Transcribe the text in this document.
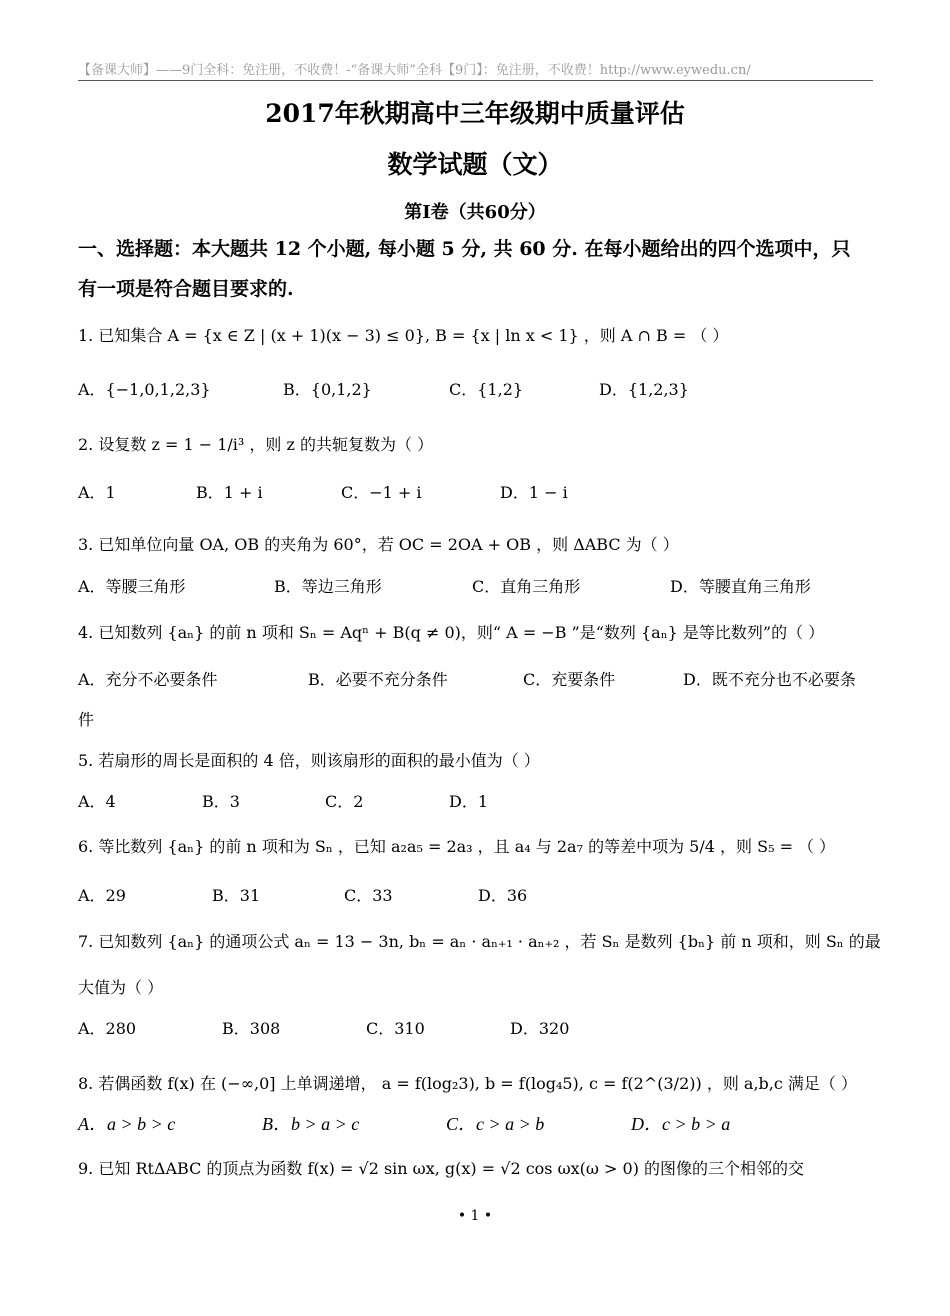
【备课大师】——9门全科：免注册，不收费！-“备课大师”全科【9门】：免注册，不收费！http://www.eywedu.cn/
2017年秋期高中三年级期中质量评估
数学试题（文）
第Ⅰ卷（共60分）
一、选择题：本大题共 12 个小题, 每小题 5 分, 共 60 分. 在每小题给出的四个选项中，只
有一项是符合题目要求的.
1. 已知集合 A = {x ∈ Z | (x + 1)(x − 3) ≤ 0}, B = {x | ln x < 1} ，则 A ∩ B = （ ）
A．{−1,0,1,2,3}	B．{0,1,2}	C．{1,2}	D．{1,2,3}
2. 设复数 z = 1 − 1/i³ ，则 z 的共轭复数为（ ）
A．1	B．1 + i	C．−1 + i	D．1 − i
3. 已知单位向量 OA, OB 的夹角为 60°，若 OC = 2OA + OB ，则 ΔABC 为（ ）
A．等腰三角形	B．等边三角形	C．直角三角形	D．等腰直角三角形
4. 已知数列 {aₙ} 的前 n 项和 Sₙ = Aqⁿ + B(q ≠ 0)，则“ A = −B ”是“数列 {aₙ} 是等比数列”的（ ）
A．充分不必要条件	B．必要不充分条件	C．充要条件	D．既不充分也不必要条
件
5. 若扇形的周长是面积的 4 倍，则该扇形的面积的最小值为（ ）
A．4	B．3	C．2	D．1
6. 等比数列 {aₙ} 的前 n 项和为 Sₙ ，已知 a₂a₅ = 2a₃ ，且 a₄ 与 2a₇ 的等差中项为 5/4 ，则 S₅ = （ ）
A．29	B．31	C．33	D．36
7. 已知数列 {aₙ} 的通项公式 aₙ = 13 − 3n, bₙ = aₙ · aₙ₊₁ · aₙ₊₂ ，若 Sₙ 是数列 {bₙ} 前 n 项和，则 Sₙ 的最
大值为（ ）
A．280	B．308	C．310	D．320
8. 若偶函数 f(x) 在 (−∞,0] 上单调递增， a = f(log₂3), b = f(log₄5), c = f(2^(3/2)) ，则 a,b,c 满足（ ）
A．a > b > c	B．b > a > c	C．c > a > b	D．c > b > a
9. 已知 RtΔABC 的顶点为函数 f(x) = √2 sin ωx, g(x) = √2 cos ωx(ω > 0) 的图像的三个相邻的交
• 1 •
